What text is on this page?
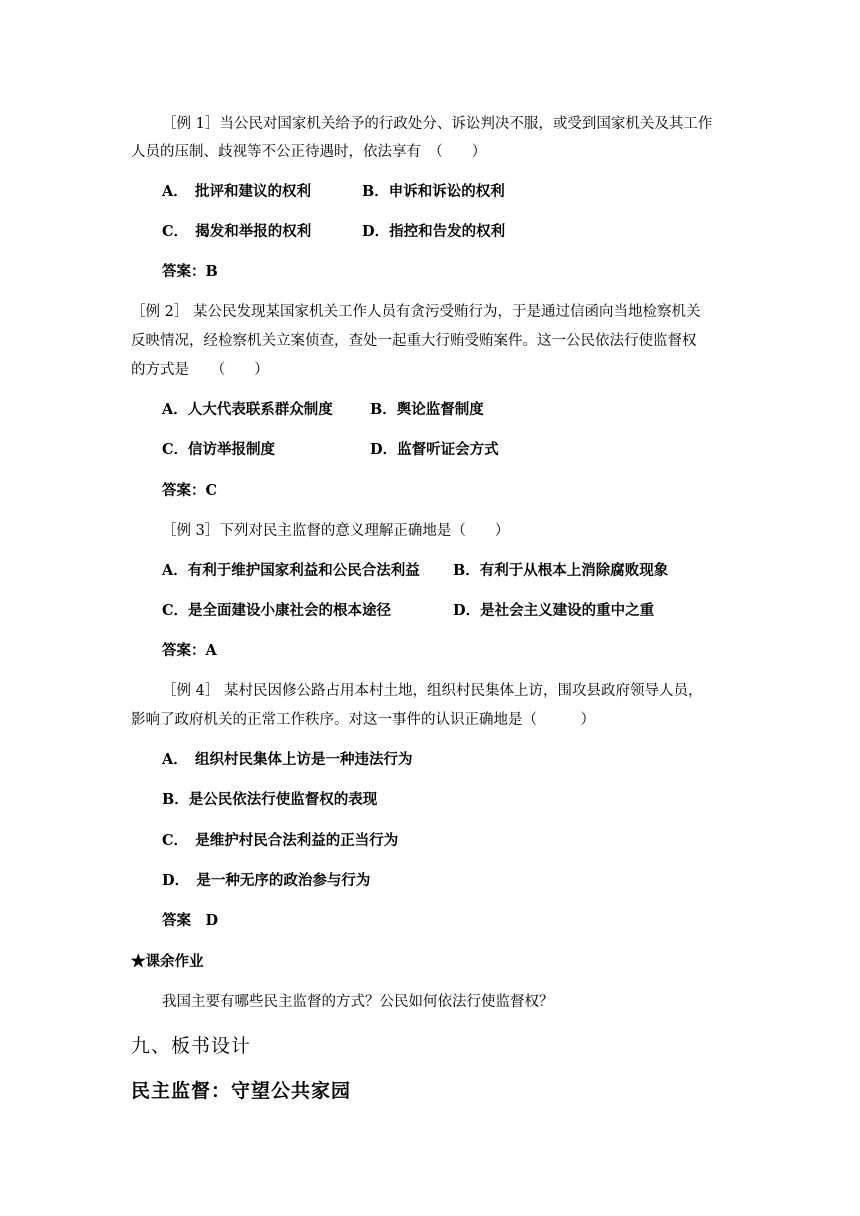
［例 1］当公民对国家机关给予的行政处分、诉讼判决不服，或受到国家机关及其工作
人员的压制、歧视等不公正待遇时，依法享有　（　　）
A．　批评和建议的权利	B．申诉和诉讼的权利
C．　揭发和举报的权利	D．指控和告发的权利
答案：B
［例 2］ 某公民发现某国家机关工作人员有贪污受贿行为，于是通过信函向当地检察机关
反映情况，经检察机关立案侦查，查处一起重大行贿受贿案件。这一公民依法行使监督权
的方式是　　（　　）
A．人大代表联系群众制度	B．舆论监督制度
C．信访举报制度	D．监督听证会方式
答案：C
［例 3］下列对民主监督的意义理解正确地是（　　）
A．有利于维护国家利益和公民合法利益 B．有利于从根本上消除腐败现象
C．是全面建设小康社会的根本途径	D．是社会主义建设的重中之重
答案：A
［例 4］ 某村民因修公路占用本村土地，组织村民集体上访，围攻县政府领导人员，
影响了政府机关的正常工作秩序。对这一事件的认识正确地是（　　　）
A．　组织村民集体上访是一种违法行为
B．是公民依法行使监督权的表现
C．　是维护村民合法利益的正当行为
D．　是一种无序的政治参与行为
答案　D
★课余作业
我国主要有哪些民主监督的方式？公民如何依法行使监督权？
九、板书设计
民主监督：守望公共家园
